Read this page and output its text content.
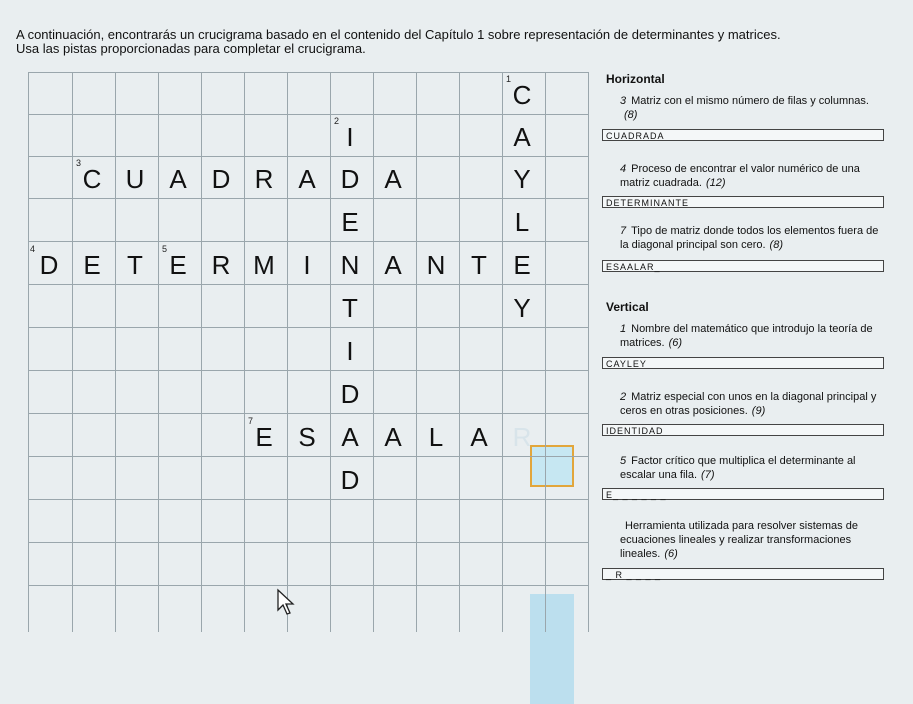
A continuación, encontrarás un crucigrama basado en el contenido del Capítulo 1 sobre representación de determinantes y matrices.
Usa las pistas proporcionadas para completar el crucigrama.
1
2
3
4	5
7
C
I	A
C U A D R A D A	Y
E	L
D E	T	E R M	I	N A N T	E
T	Y
I
D
E S A A	L	A R
D
Horizontal
3 Matriz con el mismo número de filas y columnas.(8)
CUADRADA
4 Proceso de encontrar el valor numérico de una matriz cuadrada. (12)
DETERMINANTE
7 Tipo de matriz donde todos los elementos fuera de la diagonal principal son cero. (8)
ESAALAR_
Vertical
1 Nombre del matemático que introdujo la teoría de matrices. (6)
CAYLEY
2 Matriz especial con unos en la diagonal principal y ceros en otras posiciones. (9)
IDENTIDAD
5 Factor crítico que multiplica el determinante al escalar una fila. (7)
E_ _ _ _ _ _
Herramienta utilizada para resolver sistemas de ecuaciones lineales y realizar transformaciones lineales. (6)
_ R _ _ _ _
